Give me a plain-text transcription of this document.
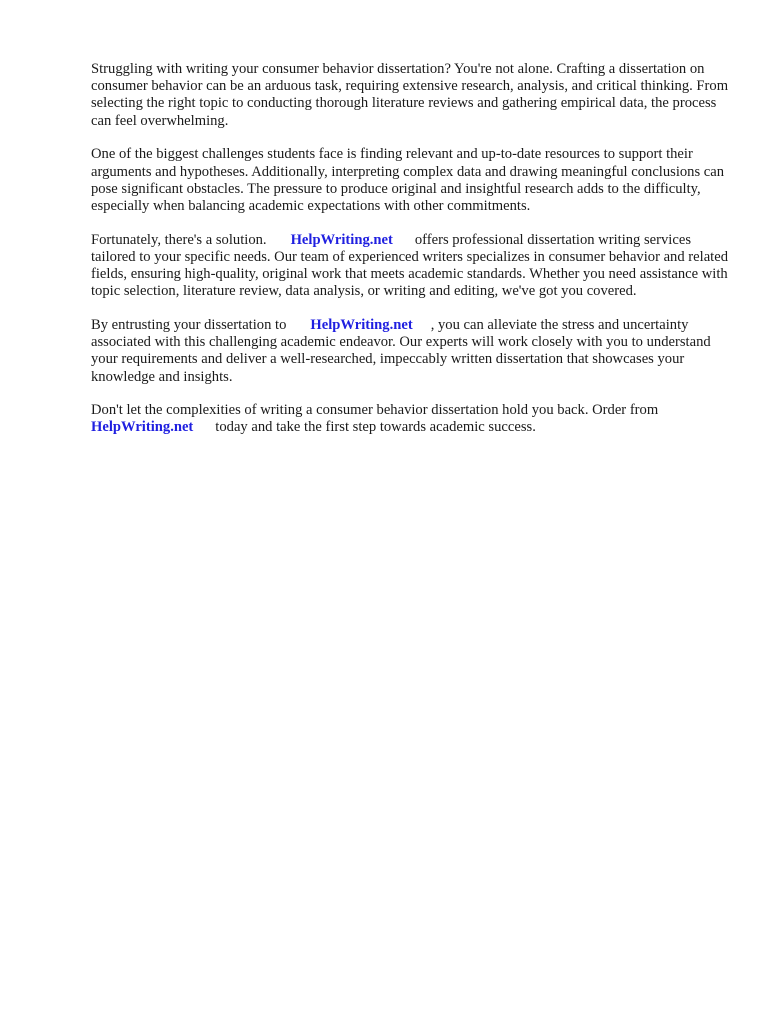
Struggling with writing your consumer behavior dissertation? You're not alone. Crafting a dissertation on consumer behavior can be an arduous task, requiring extensive research, analysis, and critical thinking. From selecting the right topic to conducting thorough literature reviews and gathering empirical data, the process can feel overwhelming.

One of the biggest challenges students face is finding relevant and up-to-date resources to support their arguments and hypotheses. Additionally, interpreting complex data and drawing meaningful conclusions can pose significant obstacles. The pressure to produce original and insightful research adds to the difficulty, especially when balancing academic expectations with other commitments.

Fortunately, there's a solution. HelpWriting.net offers professional dissertation writing services tailored to your specific needs. Our team of experienced writers specializes in consumer behavior and related fields, ensuring high-quality, original work that meets academic standards. Whether you need assistance with topic selection, literature review, data analysis, or writing and editing, we've got you covered.

By entrusting your dissertation to HelpWriting.net , you can alleviate the stress and uncertainty associated with this challenging academic endeavor. Our experts will work closely with you to understand your requirements and deliver a well-researched, impeccably written dissertation that showcases your knowledge and insights.

Don't let the complexities of writing a consumer behavior dissertation hold you back. Order from HelpWriting.net today and take the first step towards academic success.
